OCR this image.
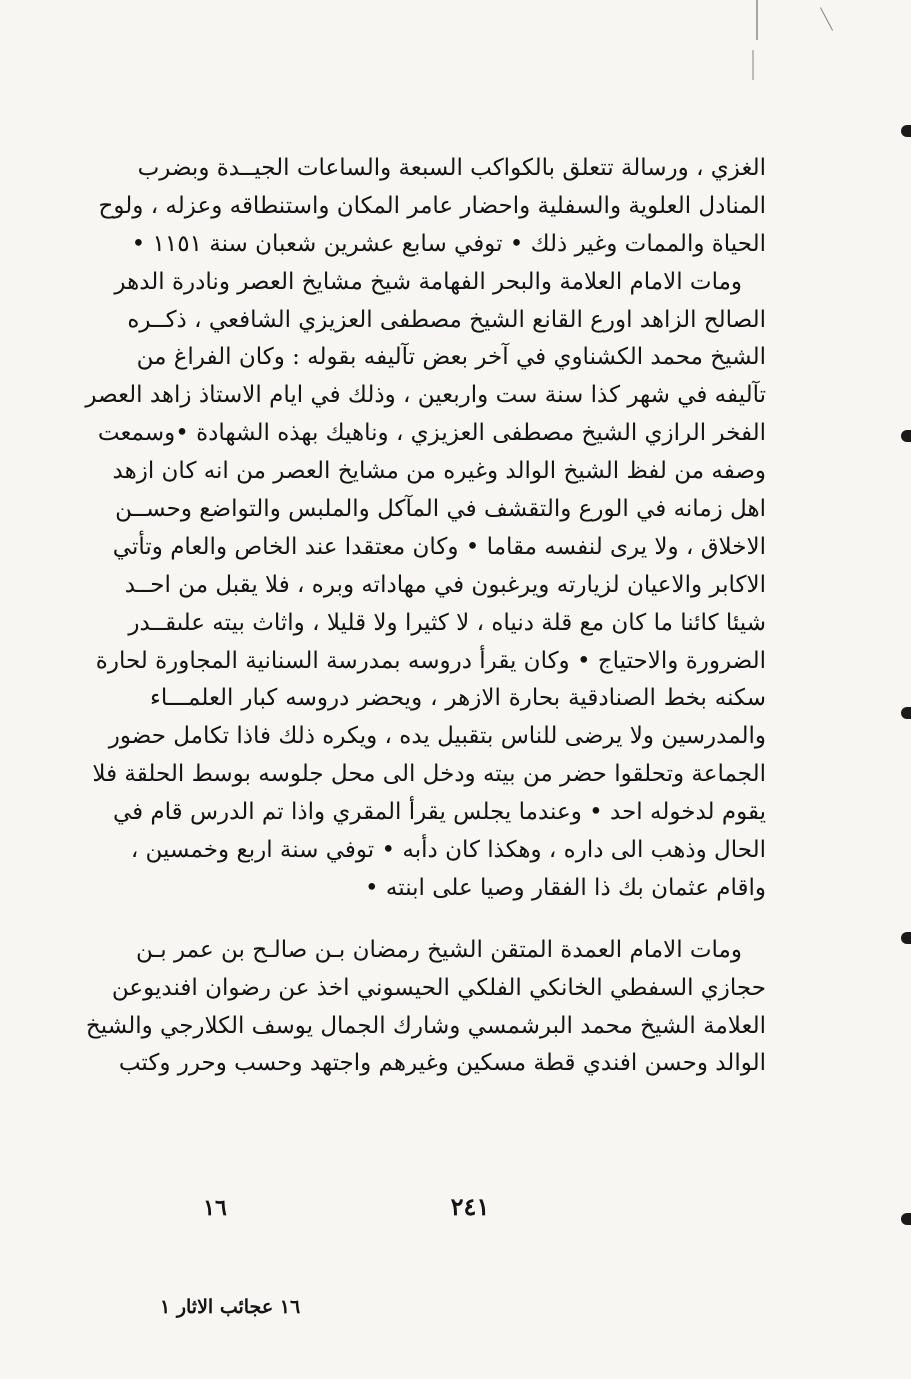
الغزي ، ورسالة تتعلق بالكواكب السبعة والساعات الجيــدة وبضرب
المنادل العلوية والسفلية واحضار عامر المكان واستنطاقه وعزله ، ولوح
الحياة والممات وغير ذلك • توفي سابع عشرين شعبان سنة ١١٥١ •
ومات الامام العلامة والبحر الفهامة شيخ مشايخ العصر ونادرة الدهر
الصالح الزاهد اورع القانع الشيخ مصطفى العزيزي الشافعي ، ذكــره
الشيخ محمد الكشناوي في آخر بعض تآليفه بقوله : وكان الفراغ من
تآليفه في شهر كذا سنة ست واربعين ، وذلك في ايام الاستاذ زاهد العصر
الفخر الرازي الشيخ مصطفى العزيزي ، وناهيك بهذه الشهادة •وسمعت
وصفه من لفظ الشيخ الوالد وغيره من مشايخ العصر من انه كان ازهد
اهل زمانه في الورع والتقشف في المآكل والملبس والتواضع وحســن
الاخلاق ، ولا يرى لنفسه مقاما • وكان معتقدا عند الخاص والعام وتأتي
الاكابر والاعيان لزيارته ويرغبون في مهاداته وبره ، فلا يقبل من احــد
شيئا كائنا ما كان مع قلة دنياه ، لا كثيرا ولا قليلا ، واثاث بيته علىقــدر
الضرورة والاحتياج • وكان يقرأ دروسه بمدرسة السنانية المجاورة لحارة
سكنه بخط الصنادقية بحارة الازهر ، ويحضر دروسه كبار العلمـــاء
والمدرسين ولا يرضى للناس بتقبيل يده ، ويكره ذلك فاذا تكامل حضور
الجماعة وتحلقوا حضر من بيته ودخل الى محل جلوسه بوسط الحلقة فلا
يقوم لدخوله احد • وعندما يجلس يقرأ المقري واذا تم الدرس قام في
الحال وذهب الى داره ، وهكذا كان دأبه • توفي سنة اربع وخمسين ،
واقام عثمان بك ذا الفقار وصيا على ابنته •
ومات الامام العمدة المتقن الشيخ رمضان بـن صالـح بن عمر بـن
حجازي السفطي الخانكي الفلكي الحيسوني اخذ عن رضوان افنديوعن
العلامة الشيخ محمد البرشمسي وشارك الجمال يوسف الكلارجي والشيخ
الوالد وحسن افندي قطة مسكين وغيرهم واجتهد وحسب وحرر وكتب
٢٤١
١٦
١٦ عجائب الاثار ١
